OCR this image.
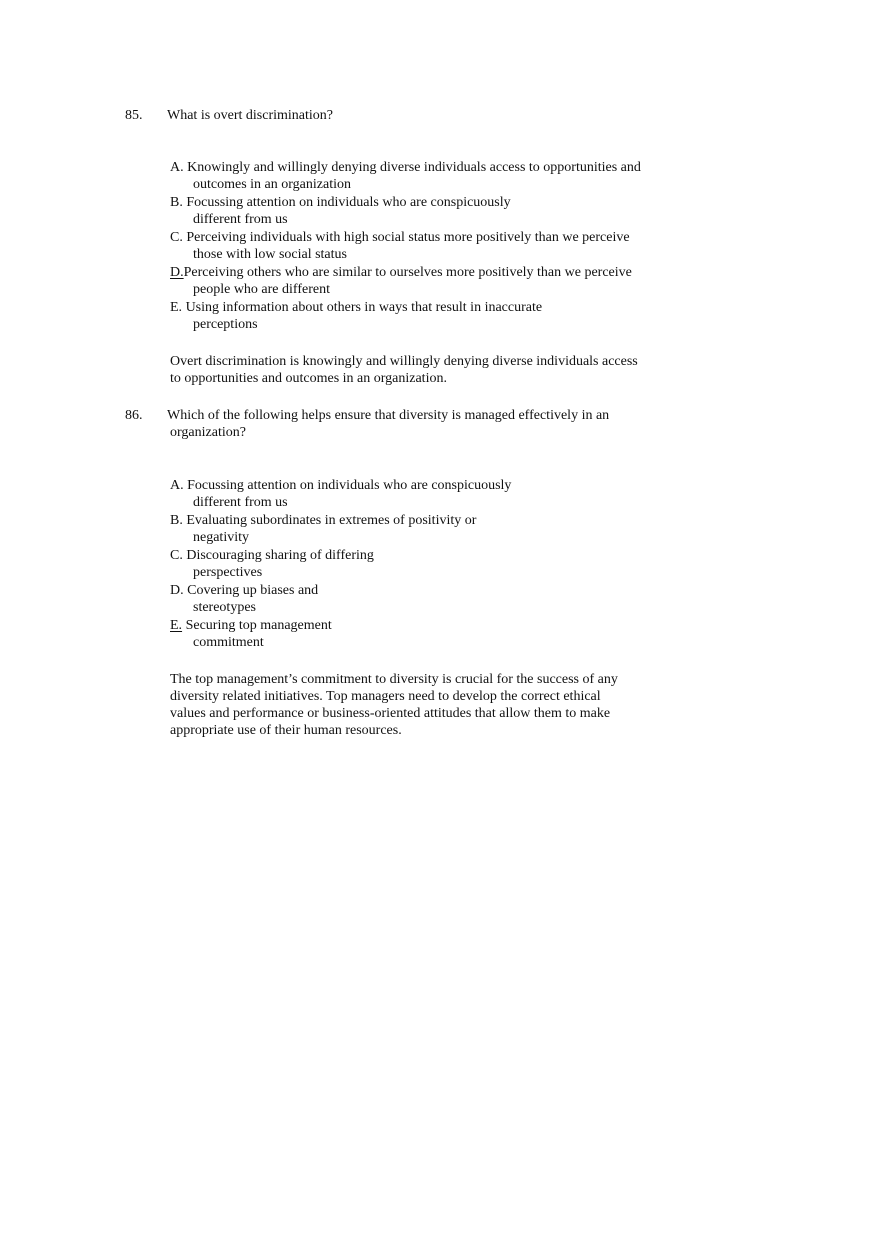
85. What is overt discrimination?
A. Knowingly and willingly denying diverse individuals access to opportunities and
outcomes in an organization
B. Focussing attention on individuals who are conspicuously
different from us
C. Perceiving individuals with high social status more positively than we perceive
those with low social status
D.Perceiving others who are similar to ourselves more positively than we perceive
people who are different
E. Using information about others in ways that result in inaccurate
perceptions
Overt discrimination is knowingly and willingly denying diverse individuals access
to opportunities and outcomes in an organization.
86. Which of the following helps ensure that diversity is managed effectively in an
organization?
A. Focussing attention on individuals who are conspicuously
different from us
B. Evaluating subordinates in extremes of positivity or
negativity
C. Discouraging sharing of differing
perspectives
D. Covering up biases and
stereotypes
E. Securing top management
commitment
The top management’s commitment to diversity is crucial for the success of any
diversity related initiatives. Top managers need to develop the correct ethical
values and performance or business-oriented attitudes that allow them to make
appropriate use of their human resources.
